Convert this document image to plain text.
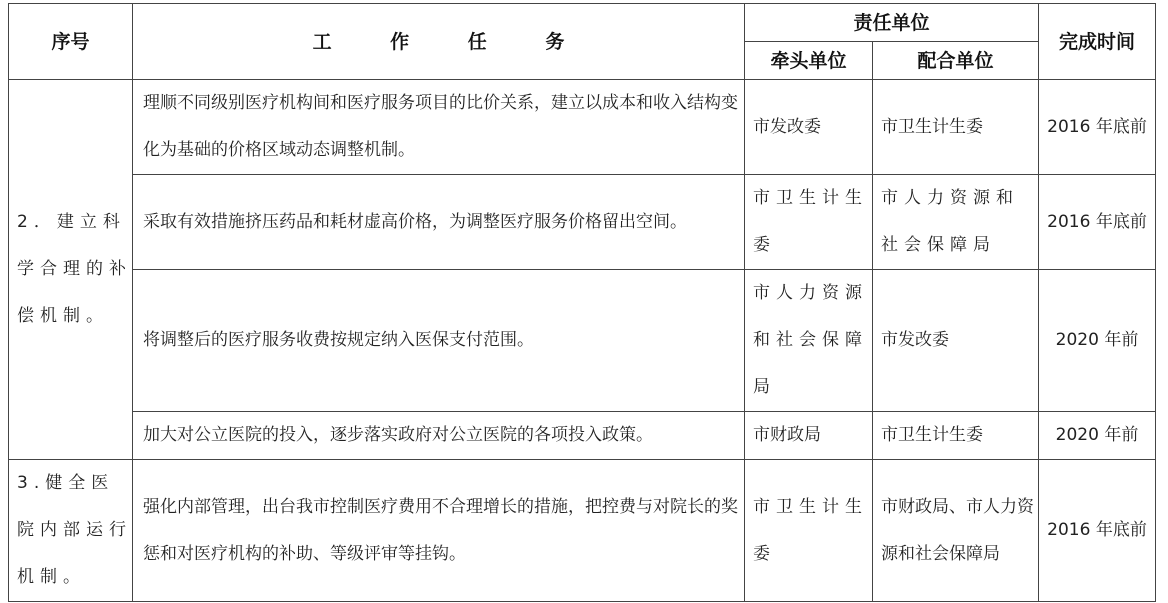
序号	工 作 任 务	责任单位		完成时间
		牵头单位	配合单位	
2．建立科学合理的补偿机制。	理顺不同级别医疗机构间和医疗服务项目的比价关系，建立以成本和收入结构变化为基础的价格区域动态调整机制。	市发改委	市卫生计生委	2016 年底前
	采取有效措施挤压药品和耗材虚高价格，为调整医疗服务价格留出空间。	市卫生计生委	市人力资源和社会保障局	2016 年底前
	将调整后的医疗服务收费按规定纳入医保支付范围。	市人力资源和社会保障局	市发改委	2020 年前
	加大对公立医院的投入，逐步落实政府对公立医院的各项投入政策。	市财政局	市卫生计生委	2020 年前
3.健全医院内部运行机制。	强化内部管理，出台我市控制医疗费用不合理增长的措施，把控费与对院长的奖惩和对医疗机构的补助、等级评审等挂钩。	市卫生计生委	市财政局、市人力资源和社会保障局	2016 年底前
